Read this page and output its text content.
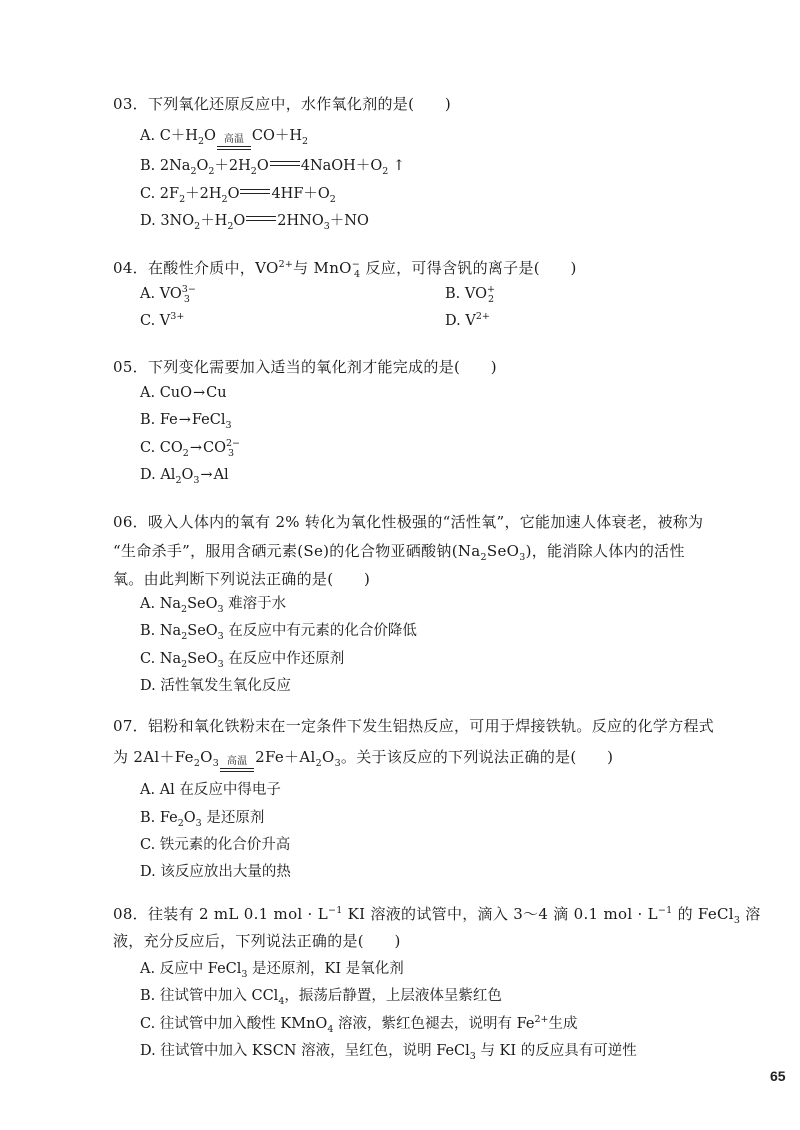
03．下列氧化还原反应中，水作氧化剂的是(　　)
A. $C+H_2O$ 高温 $CO+H_2$
B. $2Na_2O_2+2H_2O$ $4NaOH+O_2$ ↑
C. $2F_2+2H_2O$ $4HF+O_2$
D. $3NO_2+H_2O$ $2HNO_3+NO$
04．在酸性介质中，$VO^{2+}$与 MnO−$_4$ 反应，可得含钒的离子是(　　)
A. $VO^{3-}_3$	B. $VO^+_2$
C. $V^{3+}$	D. $V^{2+}$
05．下列变化需要加入适当的氧化剂才能完成的是(　　)
A. CuO→Cu
B. Fe→FeCl$_3$
C. $CO_2\to CO^{2-}_3$
D. $Al_2O_3\to Al$
06．吸入人体内的氧有 2% 转化为氧化性极强的“活性氧”，它能加速人体衰老，被称为
“生命杀手”，服用含硒元素(Se)的化合物亚硒酸钠$(Na_2SeO_3)$，能消除人体内的活性
氧。由此判断下列说法正确的是(　　)
A. $Na_2SeO_3$ 难溶于水
B. $Na_2SeO_3$ 在反应中有元素的化合价降低
C. $Na_2SeO_3$ 在反应中作还原剂
D. 活性氧发生氧化反应
07．铝粉和氧化铁粉末在一定条件下发生铝热反应，可用于焊接铁轨。反应的化学方程式
为 $2Al+Fe_2O_3$ 高温 $2Fe+Al_2O_3$。关于该反应的下列说法正确的是(　　)
A. Al 在反应中得电子
B. $Fe_2O_3$ 是还原剂
C. 铁元素的化合价升高
D. 该反应放出大量的热
08．往装有 2 mL 0.1 mol · $L^{-1}$ KI 溶液的试管中，滴入 3～4 滴 0.1 mol · $L^{-1}$ 的 FeCl$_3$ 溶
液，充分反应后，下列说法正确的是(　　)
A. 反应中 FeCl$_3$ 是还原剂，KI 是氧化剂
B. 往试管中加入 CCl$_4$，振荡后静置，上层液体呈紫红色
C. 往试管中加入酸性 KMnO$_4$ 溶液，紫红色褪去，说明有 $Fe^{2+}$生成
D. 往试管中加入 KSCN 溶液，呈红色，说明 FeCl$_3$ 与 KI 的反应具有可逆性
65
